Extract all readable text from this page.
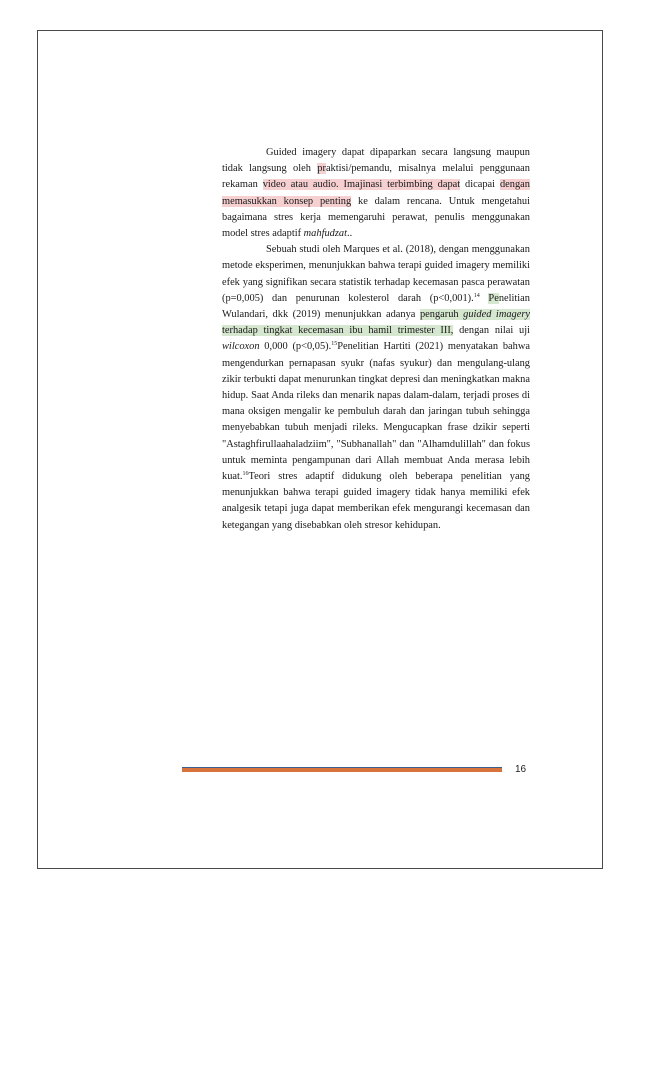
Guided imagery dapat dipaparkan secara langsung maupun tidak langsung oleh praktisi/pemandu, misalnya melalui penggunaan rekaman video atau audio. Imajinasi terbimbing dapat dicapai dengan memasukkan konsep penting ke dalam rencana. Untuk mengetahui bagaimana stres kerja memengaruhi perawat, penulis menggunakan model stres adaptif mahfudzat..

Sebuah studi oleh Marques et al. (2018), dengan menggunakan metode eksperimen, menunjukkan bahwa terapi guided imagery memiliki efek yang signifikan secara statistik terhadap kecemasan pasca perawatan (p=0,005) dan penurunan kolesterol darah (p<0,001).$^{14}$ Penelitian Wulandari, dkk (2019) menunjukkan adanya pengaruh guided imagery terhadap tingkat kecemasan ibu hamil trimester III, dengan nilai uji wilcoxon 0,000 (p<0,05).$^{15}$Penelitian Hartiti (2021) menyatakan bahwa mengendurkan pernapasan syukr (nafas syukur) dan mengulang-ulang zikir terbukti dapat menurunkan tingkat depresi dan meningkatkan makna hidup. Saat Anda rileks dan menarik napas dalam-dalam, terjadi proses di mana oksigen mengalir ke pembuluh darah dan jaringan tubuh sehingga menyebabkan tubuh menjadi rileks. Mengucapkan frase dzikir seperti "Astaghfirullaahaladziim", "Subhanallah" dan "Alhamdulillah" dan fokus untuk meminta pengampunan dari Allah membuat Anda merasa lebih kuat.$^{16}$Teori stres adaptif didukung oleh beberapa penelitian yang menunjukkan bahwa terapi guided imagery tidak hanya memiliki efek analgesik tetapi juga dapat memberikan efek mengurangi kecemasan dan ketegangan yang disebabkan oleh stresor kehidupan.

16
